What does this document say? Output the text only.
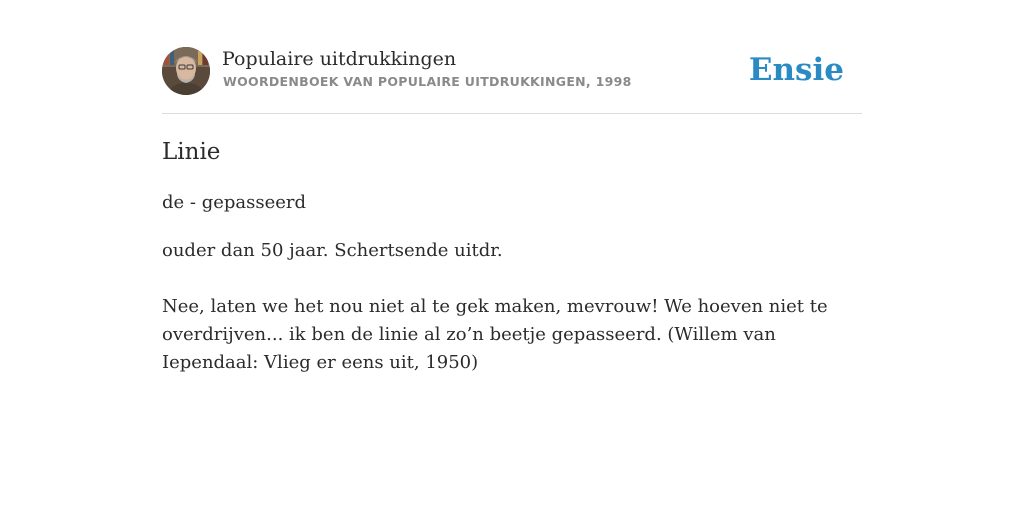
Populaire uitdrukkingen
WOORDENBOEK VAN POPULAIRE UITDRUKKINGEN, 1998	Ensie
Linie
de - gepasseerd

ouder dan 50 jaar. Schertsende uitdr.

Nee, laten we het nou niet al te gek maken, mevrouw! We hoeven niet te overdrijven... ik ben de linie al zo’n beetje gepasseerd. (Willem van Iependaal: Vlieg er eens uit, 1950)
